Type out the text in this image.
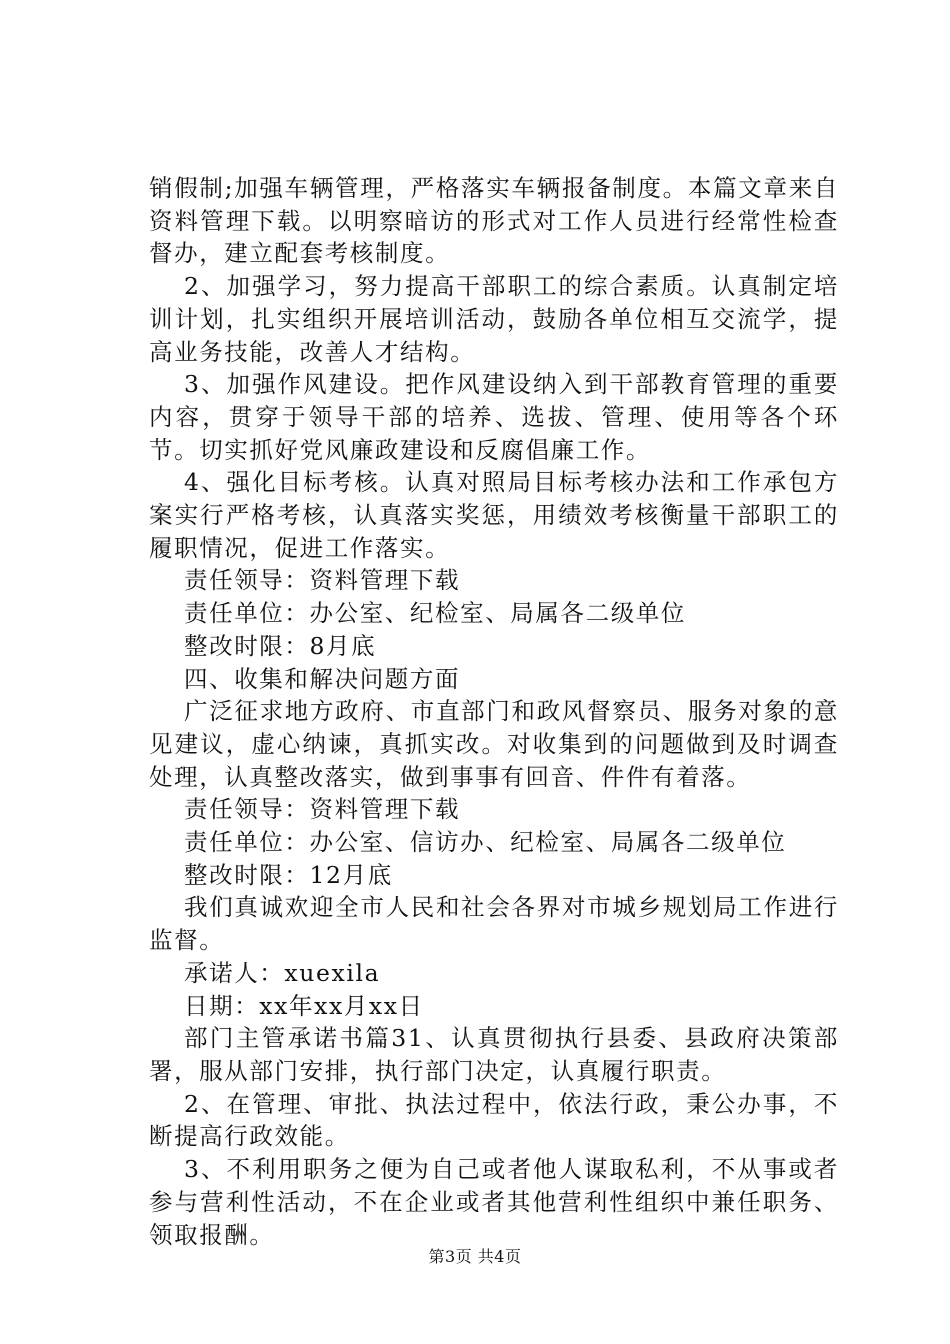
销假制;加强车辆管理，严格落实车辆报备制度。本篇文章来自资料管理下载。以明察暗访的形式对工作人员进行经常性检查督办，建立配套考核制度。

2、加强学习，努力提高干部职工的综合素质。认真制定培训计划，扎实组织开展培训活动，鼓励各单位相互交流学，提高业务技能，改善人才结构。

3、加强作风建设。把作风建设纳入到干部教育管理的重要内容，贯穿于领导干部的培养、选拔、管理、使用等各个环节。切实抓好党风廉政建设和反腐倡廉工作。

4、强化目标考核。认真对照局目标考核办法和工作承包方案实行严格考核，认真落实奖惩，用绩效考核衡量干部职工的履职情况，促进工作落实。

责任领导：资料管理下载

责任单位：办公室、纪检室、局属各二级单位

整改时限：8月底

四、收集和解决问题方面

广泛征求地方政府、市直部门和政风督察员、服务对象的意见建议，虚心纳谏，真抓实改。对收集到的问题做到及时调查处理，认真整改落实，做到事事有回音、件件有着落。

责任领导：资料管理下载

责任单位：办公室、信访办、纪检室、局属各二级单位

整改时限：12月底

我们真诚欢迎全市人民和社会各界对市城乡规划局工作进行监督。

承诺人：xuexila

日期：xx年xx月xx日

部门主管承诺书篇31、认真贯彻执行县委、县政府决策部署，服从部门安排，执行部门决定，认真履行职责。

2、在管理、审批、执法过程中，依法行政，秉公办事，不断提高行政效能。

3、不利用职务之便为自己或者他人谋取私利，不从事或者参与营利性活动，不在企业或者其他营利性组织中兼任职务、领取报酬。

第3页 共4页
